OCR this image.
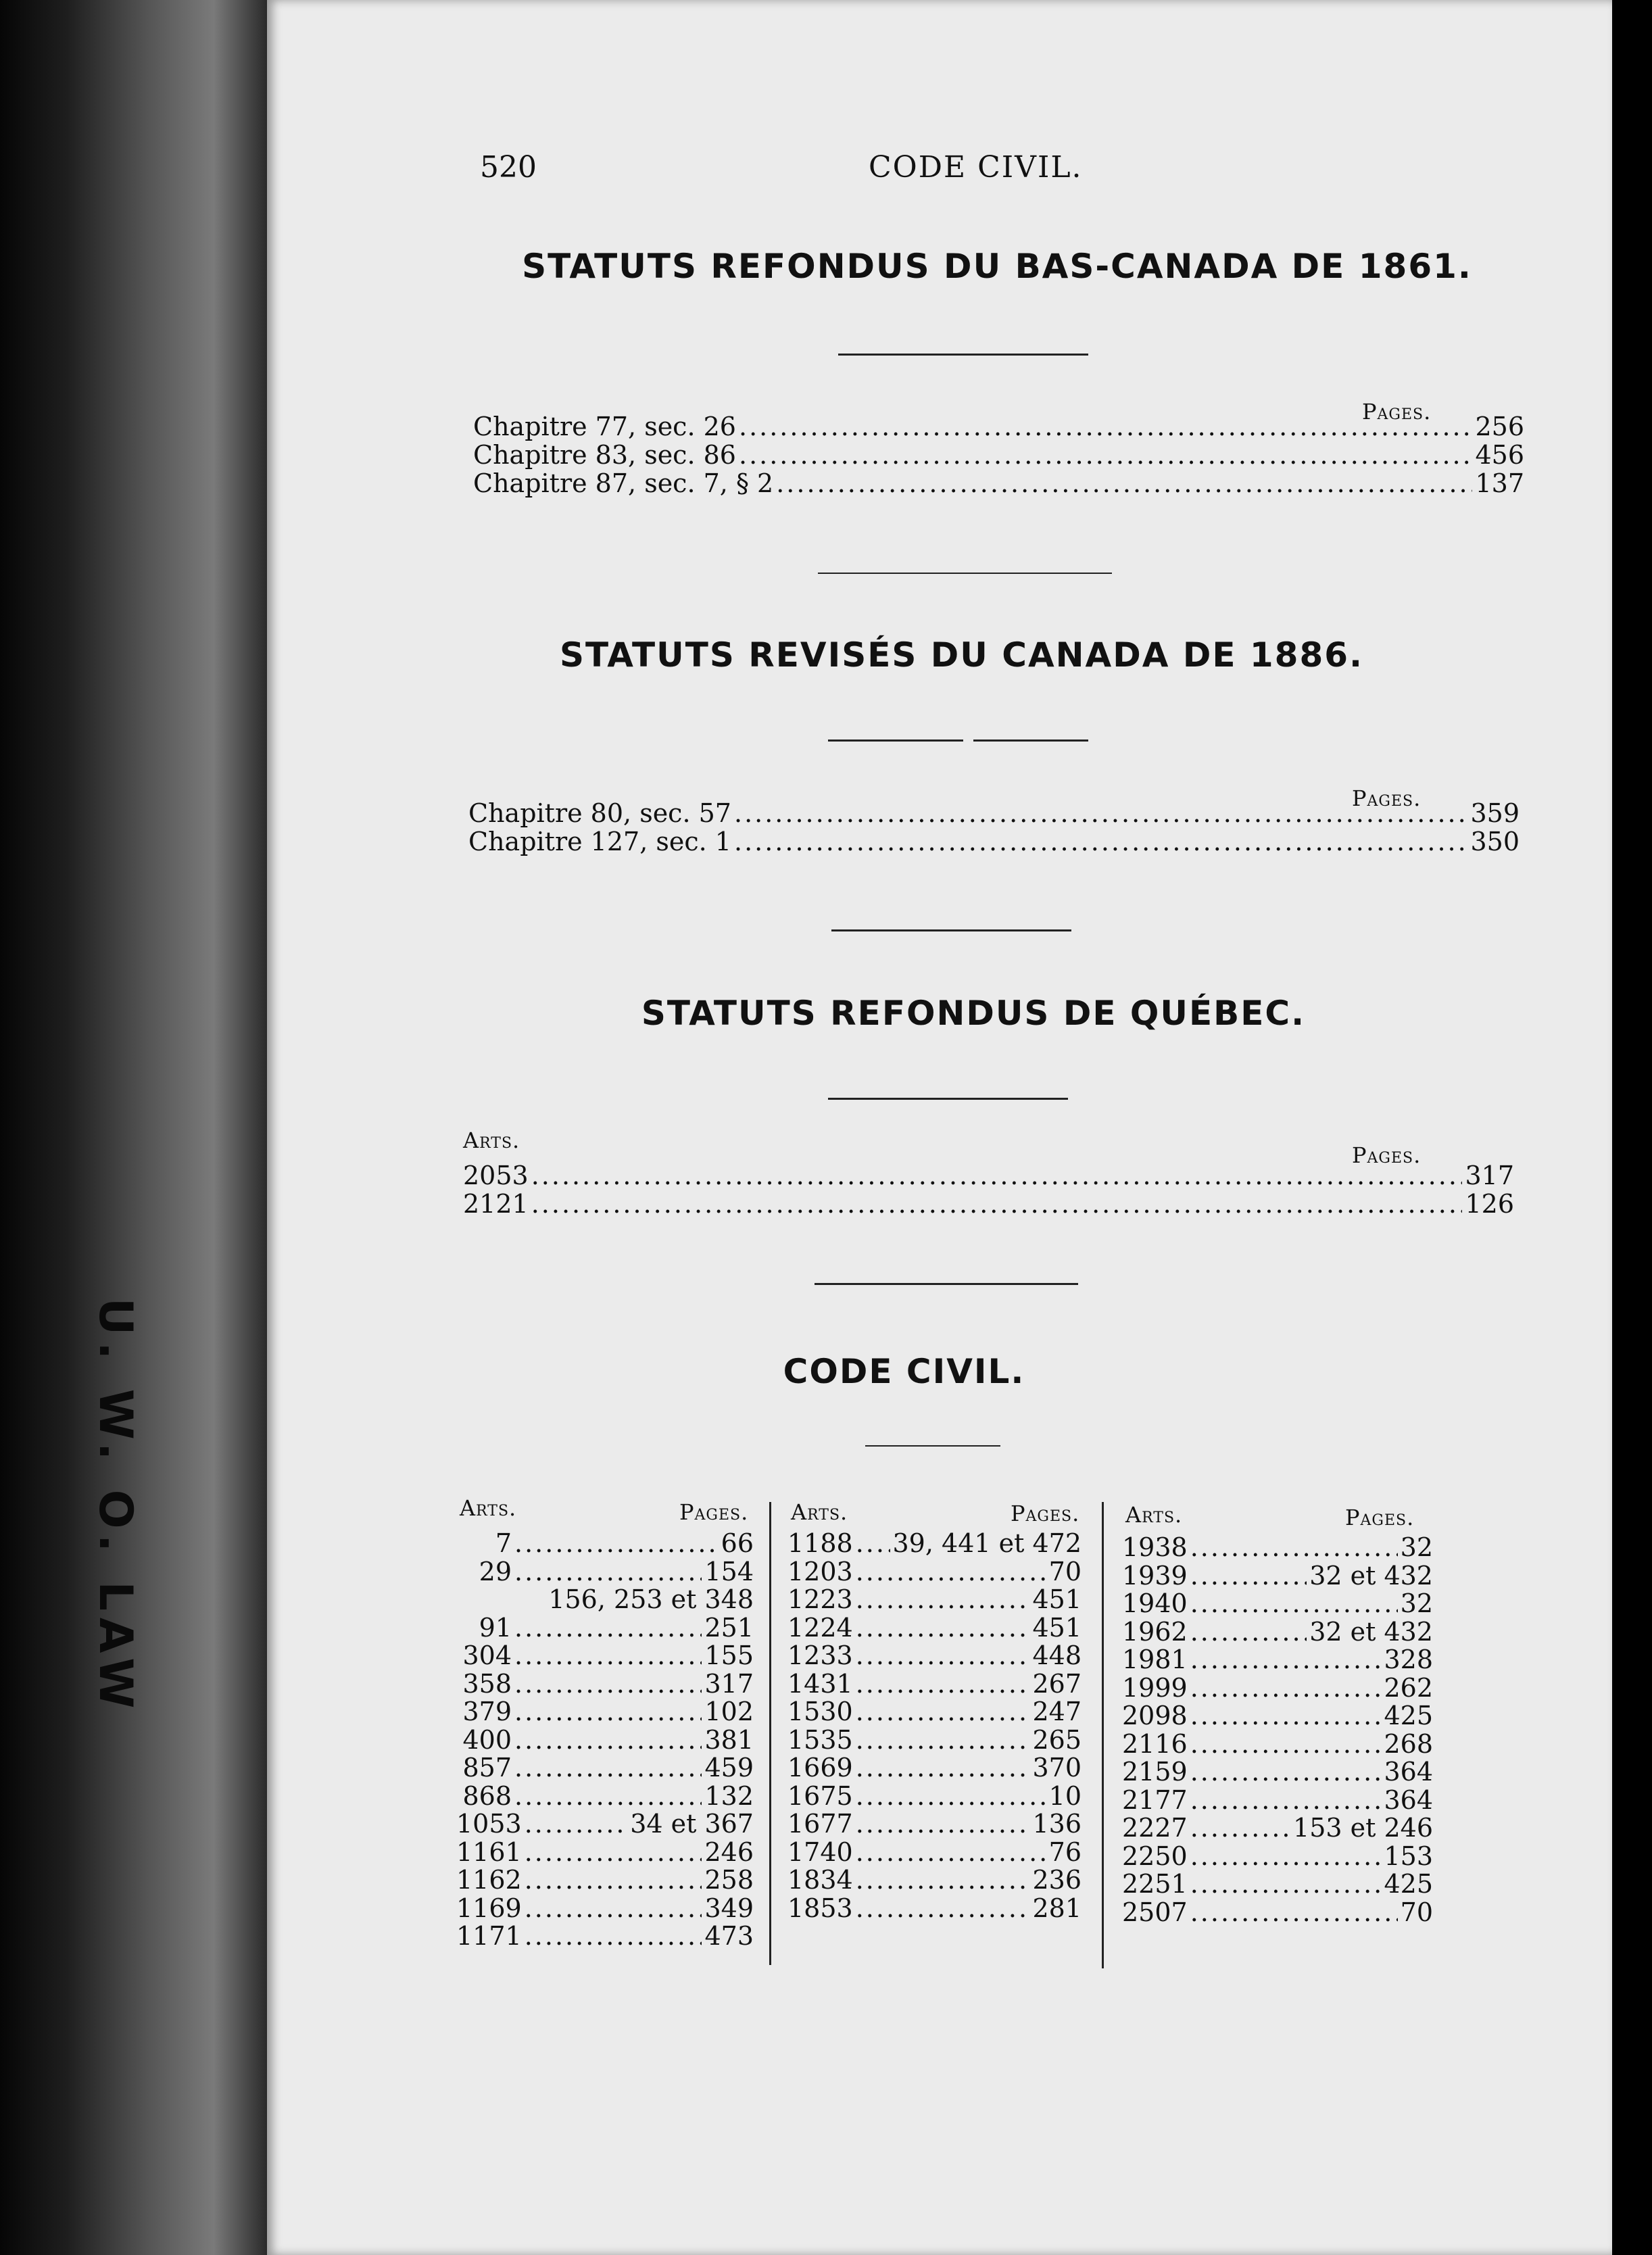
U. W. O. LAW
520	CODE CIVIL.
STATUTS REFONDUS DU BAS-CANADA DE 1861.
Pages.
Chapitre 77, sec. 26 .....	256
Chapitre 83, sec. 86 .....	456
Chapitre 87, sec. 7, § 2 .....	137
STATUTS REVISÉS DU CANADA DE 1886.
Pages.
Chapitre 80, sec. 57 .....	359
Chapitre 127, sec. 1 .....	350
STATUTS REFONDUS DE QUÉBEC.
Arts.
Pages.
2053 .....	317
2121 .....	126
CODE CIVIL.
Arts.	Pages. Arts.	Pages. Arts.	Pages.
7 .....	66
29 .....	154
156, 253 et 348
91 .....	251
304 .....	155
358 .....	317
379 .....	102
400 .....	381
857 .....	459
868 .....	132
1053 .....	34 et 367
1161 .....	246
1162 .....	258
1169 .....	349
1171 .....	473
1188 ..... 39, 441 et 472
1203 .....	70
1223 .....	451
1224 .....	451
1233 .....	448
1431 .....	267
1530 .....	247
1535 .....	265
1669 .....	370
1675 .....	10
1677 .....	136
1740 .....	76
1834 .....	236
1853 .....	281
1938 .....	32
1939 .....	32 et 432
1940 .....	32
1962 .....	32 et 432
1981 .....	328
1999 .....	262
2098 .....	425
2116 .....	268
2159 .....	364
2177 .....	364
2227 .....	153 et 246
2250 .....	153
2251 .....	425
2507 .....	70
